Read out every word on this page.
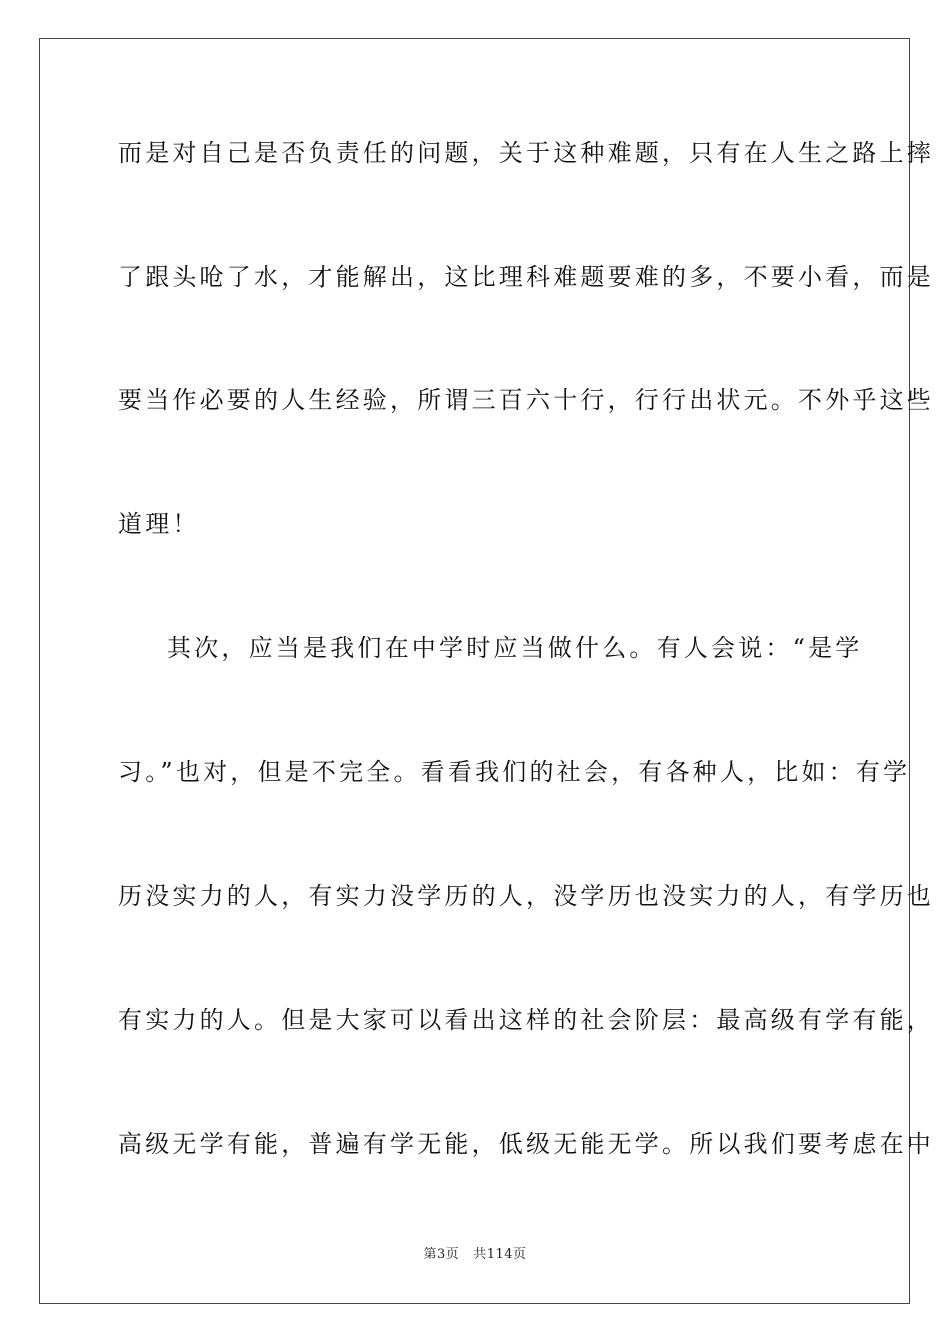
而是对自己是否负责任的问题，关于这种难题，只有在人生之路上摔
了跟头呛了水，才能解出，这比理科难题要难的多，不要小看，而是
要当作必要的人生经验，所谓三百六十行，行行出状元。不外乎这些
道理！
其次，应当是我们在中学时应当做什么。有人会说：“是学
习。”也对，但是不完全。看看我们的社会，有各种人，比如：有学
历没实力的人，有实力没学历的人，没学历也没实力的人，有学历也
有实力的人。但是大家可以看出这样的社会阶层：最高级有学有能，
高级无学有能，普遍有学无能，低级无能无学。所以我们要考虑在中
第3页 共114页
